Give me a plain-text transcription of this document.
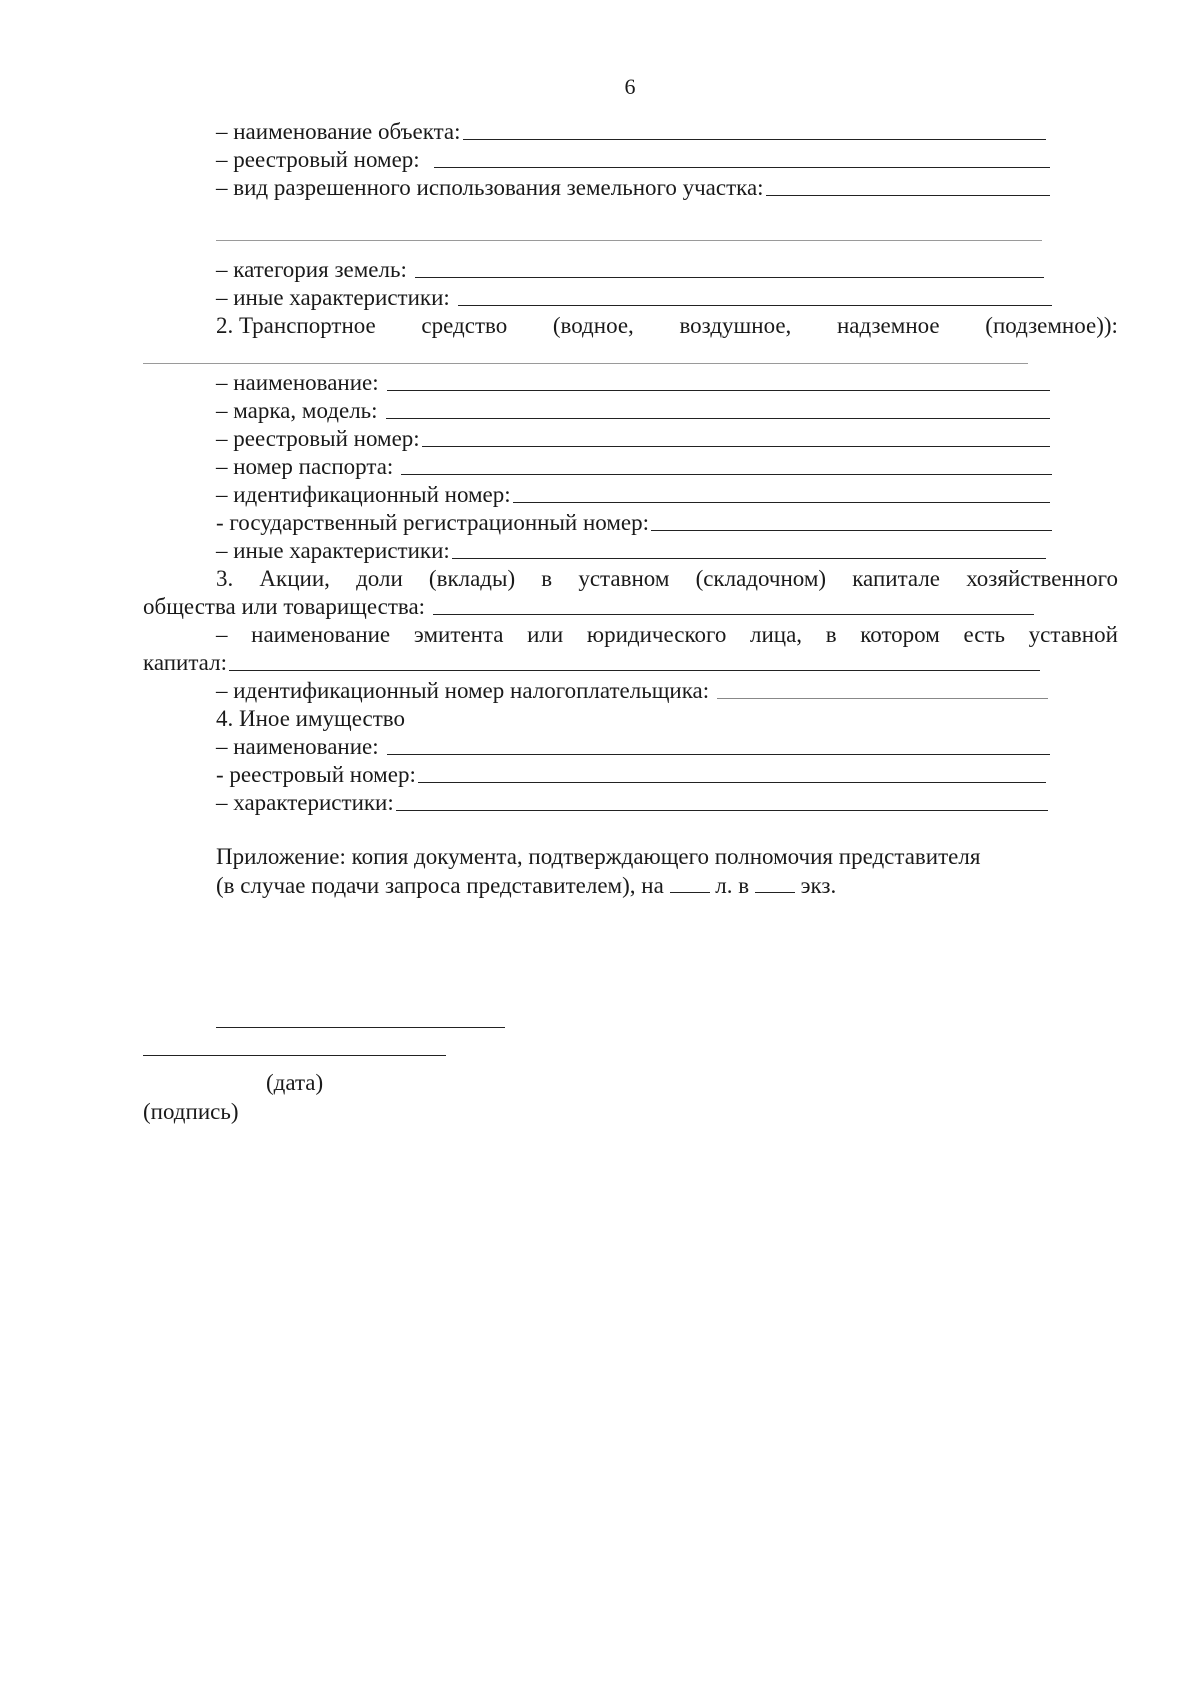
6
– наименование объекта:
– реестровый номер:
– вид разрешенного использования земельного участка:
– категория земель:
– иные характеристики:
2. Транспортное средство (водное, воздушное, надземное (подземное)):
– наименование:
– марка, модель:
– реестровый номер:
– номер паспорта:
– идентификационный номер:
- государственный регистрационный номер:
– иные характеристики:
3. Акции, доли (вклады) в уставном (складочном) капитале хозяйственного
общества или товарищества:
– наименование эмитента или юридического лица, в котором есть уставной
капитал:
– идентификационный номер налогоплательщика:
4. Иное имущество
– наименование:
- реестровый номер:
– характеристики:
Приложение: копия документа, подтверждающего полномочия представителя
(в случае подачи запроса представителем), на л. в экз.
(дата)
(подпись)
